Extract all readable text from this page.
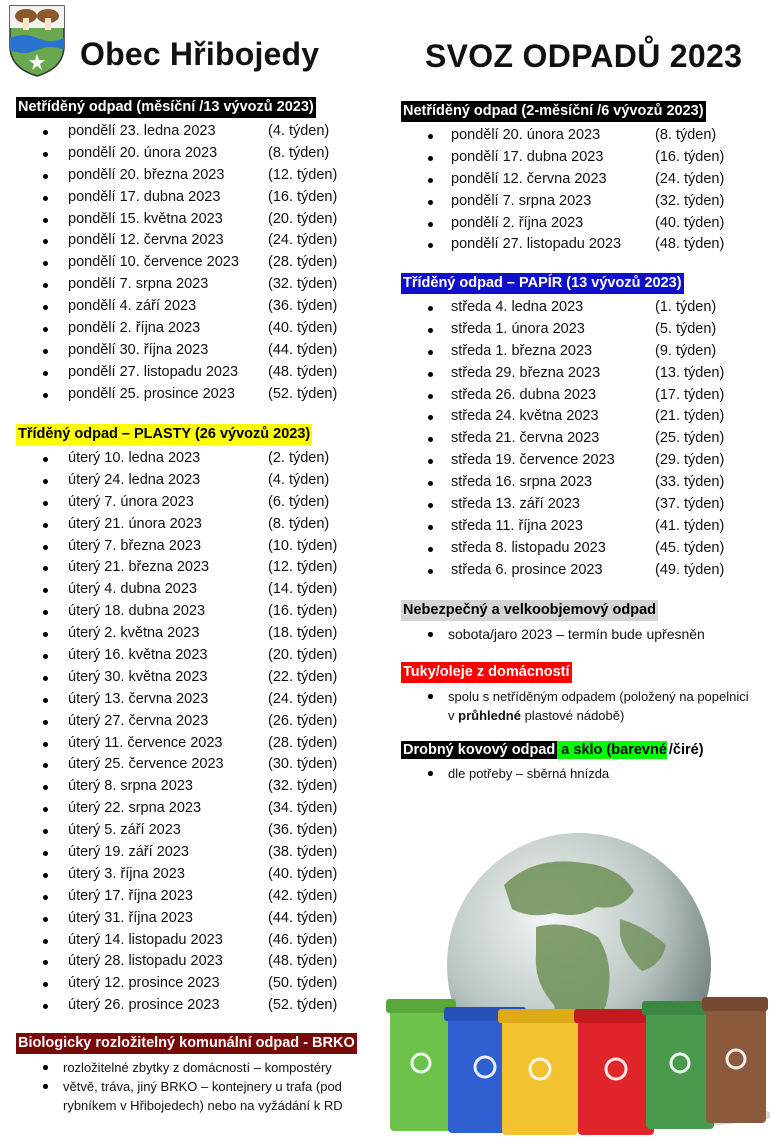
Obec Hřibojedy	SVOZ ODPADŮ 2023
Netříděný odpad (měsíční /13 vývozů 2023)
pondělí 23. ledna 2023	(4. týden)
pondělí 20. února 2023	(8. týden)
pondělí 20. března 2023	(12. týden)
pondělí 17. dubna 2023	(16. týden)
pondělí 15. května 2023	(20. týden)
pondělí 12. června 2023	(24. týden)
pondělí 10. července 2023 (28. týden)
pondělí 7. srpna 2023	(32. týden)
pondělí 4. září 2023	(36. týden)
pondělí 2. října 2023	(40. týden)
pondělí 30. října 2023	(44. týden)
pondělí 27. listopadu 2023 (48. týden)
pondělí 25. prosince 2023 (52. týden)
Tříděný odpad – PLASTY (26 vývozů 2023)
úterý 10. ledna 2023	(2. týden)
úterý 24. ledna 2023	(4. týden)
úterý 7. února 2023	(6. týden)
úterý 21. února 2023	(8. týden)
úterý 7. března 2023	(10. týden)
úterý 21. března 2023	(12. týden)
úterý 4. dubna 2023	(14. týden)
úterý 18. dubna 2023	(16. týden)
úterý 2. května 2023	(18. týden)
úterý 16. května 2023	(20. týden)
úterý 30. května 2023	(22. týden)
úterý 13. června 2023	(24. týden)
úterý 27. června 2023	(26. týden)
úterý 11. července 2023	(28. týden)
úterý 25. července 2023	(30. týden)
úterý 8. srpna 2023	(32. týden)
úterý 22. srpna 2023	(34. týden)
úterý 5. září 2023	(36. týden)
úterý 19. září 2023	(38. týden)
úterý 3. října 2023	(40. týden)
úterý 17. října 2023	(42. týden)
úterý 31. října 2023	(44. týden)
úterý 14. listopadu 2023	(46. týden)
úterý 28. listopadu 2023	(48. týden)
úterý 12. prosince 2023	(50. týden)
úterý 26. prosince 2023	(52. týden)
Biologicky rozložitelný komunální odpad - BRKO
rozložitelné zbytky z domácností – kompostéry
větvě, tráva, jiný BRKO – kontejnery u trafa (pod rybníkem v Hřibojedech) nebo na vyžádání k RD
Netříděný odpad (2-měsíční /6 vývozů 2023)
pondělí 20. února 2023	(8. týden)
pondělí 17. dubna 2023	(16. týden)
pondělí 12. června 2023	(24. týden)
pondělí 7. srpna 2023	(32. týden)
pondělí 2. října 2023	(40. týden)
pondělí 27. listopadu 2023 (48. týden)
Tříděný odpad – PAPÍR (13 vývozů 2023)
středa 4. ledna 2023	(1. týden)
středa 1. února 2023	(5. týden)
středa 1. března 2023	(9. týden)
středa 29. března 2023	(13. týden)
středa 26. dubna 2023	(17. týden)
středa 24. května 2023	(21. týden)
středa 21. června 2023	(25. týden)
středa 19. července 2023	(29. týden)
středa 16. srpna 2023	(33. týden)
středa 13. září 2023	(37. týden)
středa 11. října 2023	(41. týden)
středa 8. listopadu 2023	(45. týden)
středa 6. prosince 2023	(49. týden)
Nebezpečný a velkoobjemový odpad
sobota/jaro 2023 – termín bude upřesněn
Tuky/oleje z domácností
spolu s netříděným odpadem (položený na popelnici v průhledné plastové nádobě)
Drobný kovový odpad a sklo (barevné /čiré)
dle potřeby – sběrná hnízda
